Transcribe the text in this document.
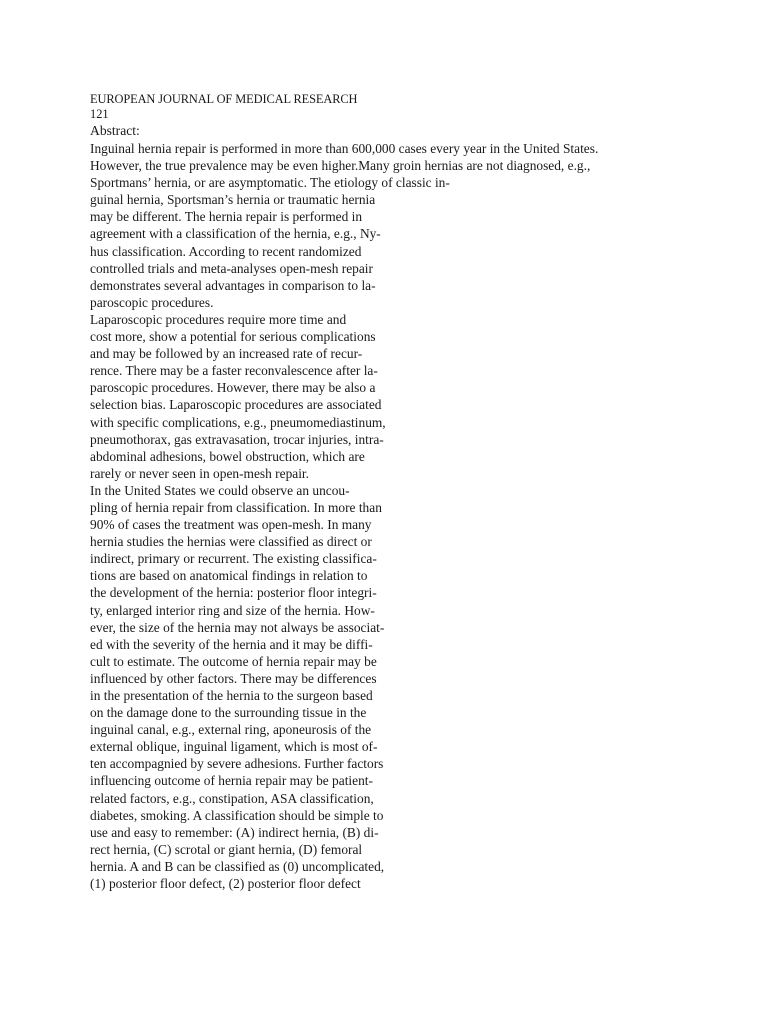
EUROPEAN JOURNAL OF MEDICAL RESEARCH
121
Abstract:
Inguinal hernia repair is performed in more than 600,000 cases every year in the United States.
However, the true prevalence may be even higher.Many groin hernias are not diagnosed, e.g.,
Sportmans’ hernia, or are asymptomatic. The etiology of classic in-
guinal hernia, Sportsman’s hernia or traumatic hernia
may be different. The hernia repair is performed in
agreement with a classification of the hernia, e.g., Ny-
hus classification. According to recent randomized
controlled trials and meta-analyses open-mesh repair
demonstrates several advantages in comparison to la-
paroscopic procedures.
Laparoscopic procedures require more time and
cost more, show a potential for serious complications
and may be followed by an increased rate of recur-
rence. There may be a faster reconvalescence after la-
paroscopic procedures. However, there may be also a
selection bias. Laparoscopic procedures are associated
with specific complications, e.g., pneumomediastinum,
pneumothorax, gas extravasation, trocar injuries, intra-
abdominal adhesions, bowel obstruction, which are
rarely or never seen in open-mesh repair.
In the United States we could observe an uncou-
pling of hernia repair from classification. In more than
90% of cases the treatment was open-mesh. In many
hernia studies the hernias were classified as direct or
indirect, primary or recurrent. The existing classifica-
tions are based on anatomical findings in relation to
the development of the hernia: posterior floor integri-
ty, enlarged interior ring and size of the hernia. How-
ever, the size of the hernia may not always be associat-
ed with the severity of the hernia and it may be diffi-
cult to estimate. The outcome of hernia repair may be
influenced by other factors. There may be differences
in the presentation of the hernia to the surgeon based
on the damage done to the surrounding tissue in the
inguinal canal, e.g., external ring, aponeurosis of the
external oblique, inguinal ligament, which is most of-
ten accompagnied by severe adhesions. Further factors
influencing outcome of hernia repair may be patient-
related factors, e.g., constipation, ASA classification,
diabetes, smoking. A classification should be simple to
use and easy to remember: (A) indirect hernia, (B) di-
rect hernia, (C) scrotal or giant hernia, (D) femoral
hernia. A and B can be classified as (0) uncomplicated,
(1) posterior floor defect, (2) posterior floor defect
